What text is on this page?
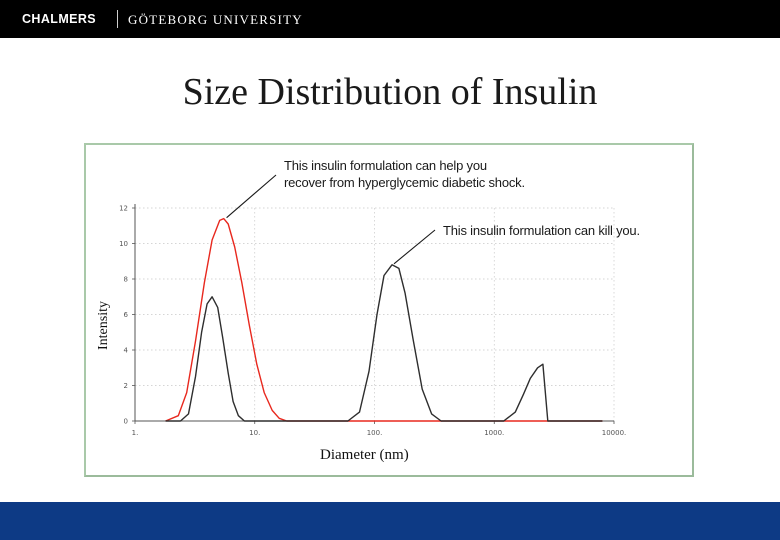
CHALMERS GÖTEBORG UNIVERSITY
Size Distribution of Insulin
0
2
4
6
8
10
12
1.	10.	100.	1000.	10000.
This insulin formulation can help you
recover from hyperglycemic diabetic shock.
This insulin formulation can kill you.
Intensity
Diameter (nm)
